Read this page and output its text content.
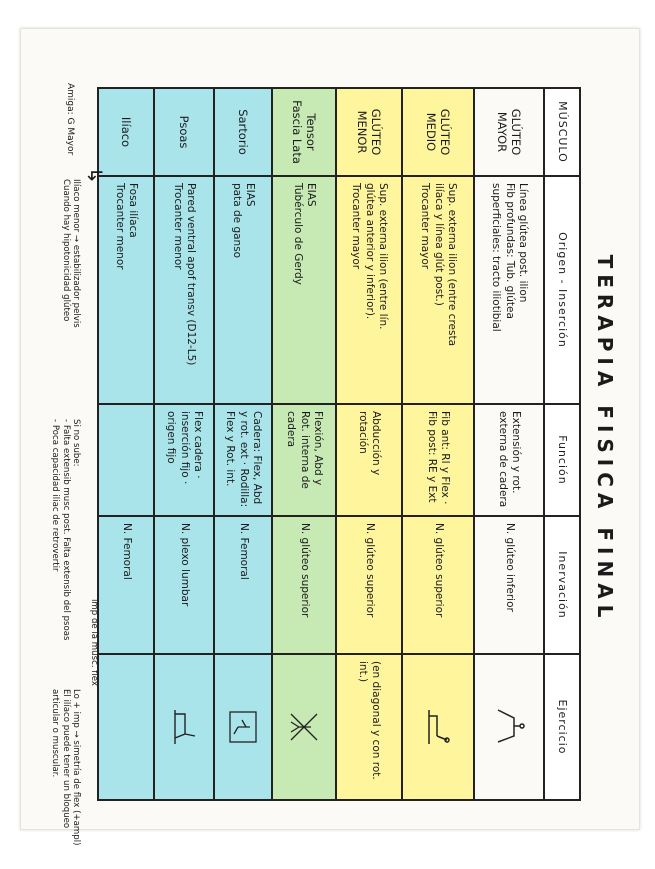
TERAPIA FISICA FINAL
MÚSCULO	Origen - Inserción	Función	Inervación	Ejercicio
GLÚTEO MAYOR	Línea glútea post. ilion
Fib profundas: Tub. glútea
superficiales: tracto iliotibial	Extensión y rot. externa de cadera	N. glúteo inferior	

GLÚTEO MEDIO	Sup. externa ilion (entre cresta
ilíaca y línea glút post.)
Trocanter mayor	Fib ant: Rl y Flex · Fib post: RE y Ext	N. glúteo superior	

GLÚTEO MENOR	Sup. externa ilion (entre lín.
glútea anterior y inferior).
Trocanter mayor	Abducción y rotación	N. glúteo superior	(en diagonal y con rot. int.)
Tensor Fascia Lata	EIAS
Tubérculo de Gerdy	Flexión, Abd y Rot. interna de cadera	N. glúteo superior	

Sartorio	EIAS
pata de ganso	Cadera: Flex, Abd y rot. ext · Rodilla: Flex y Rot. int.	N. Femoral	

Psoas	Pared ventral apof transv (D12-L5)
Trocanter menor	Flex cadera · inserción fijo · origen fijo	N. plexo lumbar	

Ilíaco	Fosa ilíaca
Trocanter menor		N. Femoral	
Ilíaco menor → estabilizador pelvis
Cuando hay hipotonicidad glúteo
Si no sube:
- Falta extensib musc post. Falta extensib del psoas
- Poca capacidad iliac de retrovertir
imp de la musc. flex
Lo + imp → simetría de flex (+ampl)
El ilíaco puede tener un bloqueo
articular o muscular.
Amiga: G Mayor
↳
